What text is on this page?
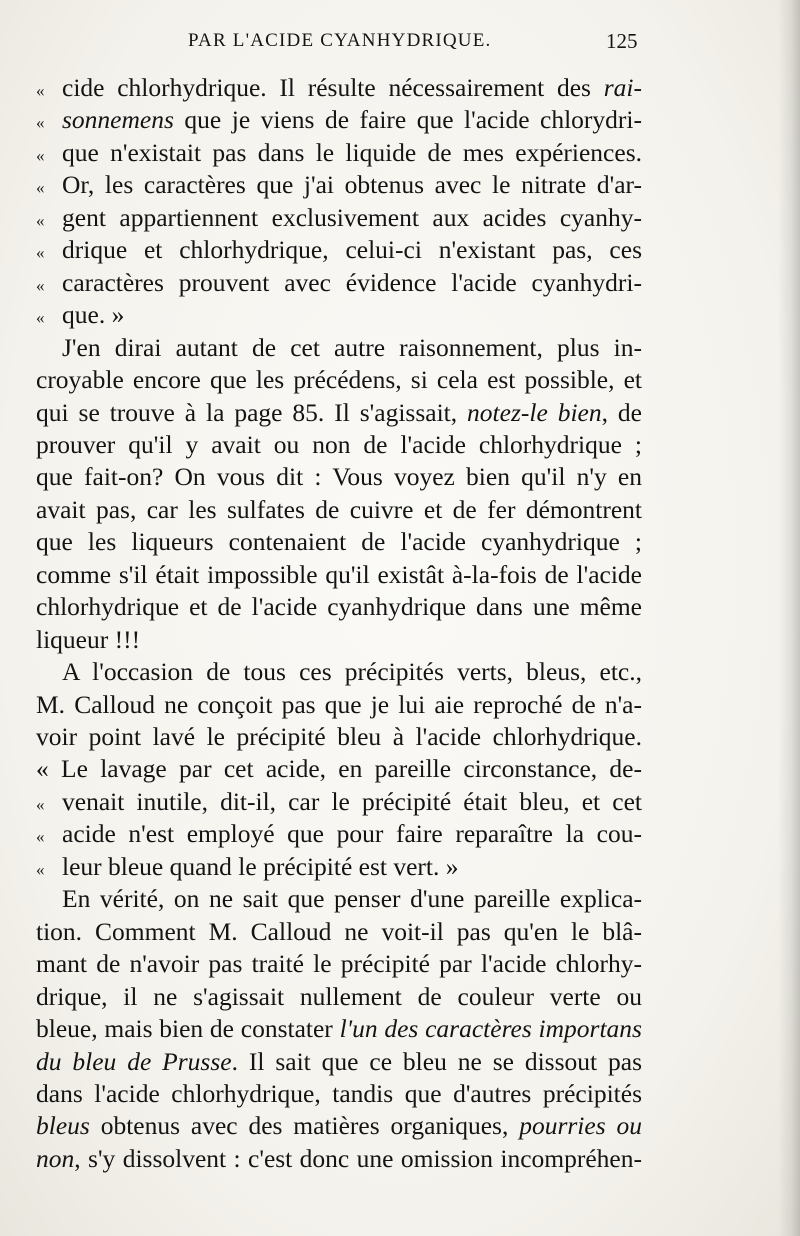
PAR L'ACIDE CYANHYDRIQUE.	125
« cide chlorhydrique. Il résulte nécessairement des rai-
« sonnemens que je viens de faire que l'acide chlorydri-
« que n'existait pas dans le liquide de mes expériences.
« Or, les caractères que j'ai obtenus avec le nitrate d'ar-
« gent appartiennent exclusivement aux acides cyanhy-
« drique et chlorhydrique, celui-ci n'existant pas, ces
« caractères prouvent avec évidence l'acide cyanhydri-
« que. »
J'en dirai autant de cet autre raisonnement, plus in-
croyable encore que les précédens, si cela est possible, et
qui se trouve à la page 85. Il s'agissait, notez-le bien, de
prouver qu'il y avait ou non de l'acide chlorhydrique ;
que fait-on? On vous dit : Vous voyez bien qu'il n'y en
avait pas, car les sulfates de cuivre et de fer démontrent
que les liqueurs contenaient de l'acide cyanhydrique ;
comme s'il était impossible qu'il existât à-la-fois de l'acide
chlorhydrique et de l'acide cyanhydrique dans une même
liqueur !!!
A l'occasion de tous ces précipités verts, bleus, etc.,
M. Calloud ne conçoit pas que je lui aie reproché de n'a-
voir point lavé le précipité bleu à l'acide chlorhydrique.
« Le lavage par cet acide, en pareille circonstance, de-
« venait inutile, dit-il, car le précipité était bleu, et cet
« acide n'est employé que pour faire reparaître la cou-
« leur bleue quand le précipité est vert. »
En vérité, on ne sait que penser d'une pareille explica-
tion. Comment M. Calloud ne voit-il pas qu'en le blâ-
mant de n'avoir pas traité le précipité par l'acide chlorhy-
drique, il ne s'agissait nullement de couleur verte ou
bleue, mais bien de constater l'un des caractères importans
du bleu de Prusse. Il sait que ce bleu ne se dissout pas
dans l'acide chlorhydrique, tandis que d'autres précipités
bleus obtenus avec des matières organiques, pourries ou
non, s'y dissolvent : c'est donc une omission incompréhen-
